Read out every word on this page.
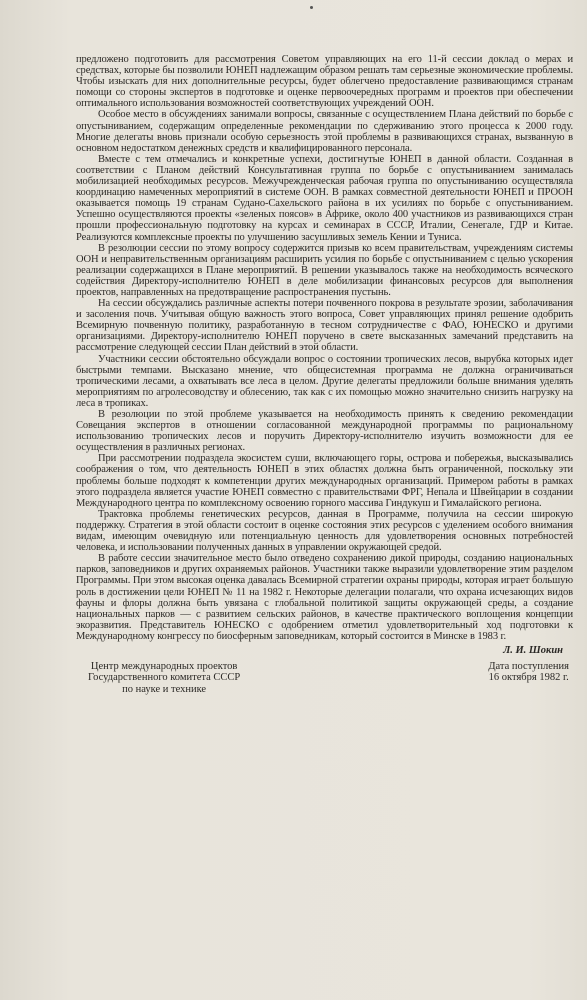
предложено подготовить для рассмотрения Советом управляющих на его 11-й сессии доклад о мерах и средствах, которые бы позволили ЮНЕП надлежащим образом решать там серьезные экономические проблемы. Чтобы изыскать для них дополнительные ресурсы, будет облегчено предоставление развивающимся странам помощи со стороны экспертов в подготовке и оценке первоочередных программ и проектов при обеспечении оптимального использования возможностей соответствующих учреждений ООН.

Особое место в обсуждениях занимали вопросы, связанные с осуществлением Плана действий по борьбе с опустыниванием, содержащим определенные рекомендации по сдерживанию этого процесса к 2000 году. Многие делегаты вновь признали особую серьезность этой проблемы в развивающихся странах, вызванную в основном недостатком денежных средств и квалифицированного персонала.

Вместе с тем отмечались и конкретные успехи, достигнутые ЮНЕП в данной области. Созданная в соответствии с Планом действий Консультативная группа по борьбе с опустыниванием занималась мобилизацией необходимых ресурсов. Межучрежденческая рабочая группа по опустыниванию осуществляла координацию намеченных мероприятий в системе ООН. В рамках совместной деятельности ЮНЕП и ПРООН оказывается помощь 19 странам Судано-Сахельского района в их усилиях по борьбе с опустыниванием. Успешно осуществляются проекты «зеленых поясов» в Африке, около 400 участников из развивающихся стран прошли профессиональную подготовку на курсах и семинарах в СССР, Италии, Сенегале, ГДР и Китае. Реализуются комплексные проекты по улучшению засушливых земель Кении и Туниса.

В резолюции сессии по этому вопросу содержится призыв ко всем правительствам, учреждениям системы ООН и неправительственным организациям расширить усилия по борьбе с опустыниванием с целью ускорения реализации содержащихся в Плане мероприятий. В решении указывалось также на необходимость всяческого содействия Директору-исполнителю ЮНЕП в деле мобилизации финансовых ресурсов для выполнения проектов, направленных на предотвращение распространения пустынь.

На сессии обсуждались различные аспекты потери почвенного покрова в результате эрозии, заболачивания и засоления почв. Учитывая общую важность этого вопроса, Совет управляющих принял решение одобрить Всемирную почвенную политику, разработанную в тесном сотрудничестве с ФАО, ЮНЕСКО и другими организациями. Директору-исполнителю ЮНЕП поручено в свете высказанных замечаний представить на рассмотрение следующей сессии План действий в этой области.

Участники сессии обстоятельно обсуждали вопрос о состоянии тропических лесов, вырубка которых идет быстрыми темпами. Высказано мнение, что общесистемная программа не должна ограничиваться тропическими лесами, а охватывать все леса в целом. Другие делегаты предложили больше внимания уделять мероприятиям по агролесоводству и облесению, так как с их помощью можно значительно снизить нагрузку на леса в тропиках.

В резолюции по этой проблеме указывается на необходимость принять к сведению рекомендации Совещания экспертов в отношении согласованной международной программы по рациональному использованию тропических лесов и поручить Директору-исполнителю изучить возможности для ее осуществления в различных регионах.

При рассмотрении подраздела экосистем суши, включающего горы, острова и побережья, высказывались соображения о том, что деятельность ЮНЕП в этих областях должна быть ограниченной, поскольку эти проблемы больше подходят к компетенции других международных организаций. Примером работы в рамках этого подраздела является участие ЮНЕП совместно с правительствами ФРГ, Непала и Швейцарии в создании Международного центра по комплексному освоению горного массива Гиндукуш и Гималайского региона.

Трактовка проблемы генетических ресурсов, данная в Программе, получила на сессии широкую поддержку. Стратегия в этой области состоит в оценке состояния этих ресурсов с уделением особого внимания видам, имеющим очевидную или потенциальную ценность для удовлетворения основных потребностей человека, и использовании полученных данных в управлении окружающей средой.

В работе сессии значительное место было отведено сохранению дикой природы, созданию национальных парков, заповедников и других охраняемых районов. Участники также выразили удовлетворение этим разделом Программы. При этом высокая оценка давалась Всемирной стратегии охраны природы, которая играет большую роль в достижении цели ЮНЕП № 11 на 1982 г. Некоторые делегации полагали, что охрана исчезающих видов фауны и флоры должна быть увязана с глобальной политикой защиты окружающей среды, а создание национальных парков — с развитием сельских районов, в качестве практического воплощения концепции экоразвития. Представитель ЮНЕСКО с одобрением отметил удовлетворительный ход подготовки к Международному конгрессу по биосферным заповедникам, который состоится в Минске в 1983 г.

Л. И. Шокин
Центр международных проектов
Государственного комитета СССР
по науке и технике
Дата поступления
16 октября 1982 г.
